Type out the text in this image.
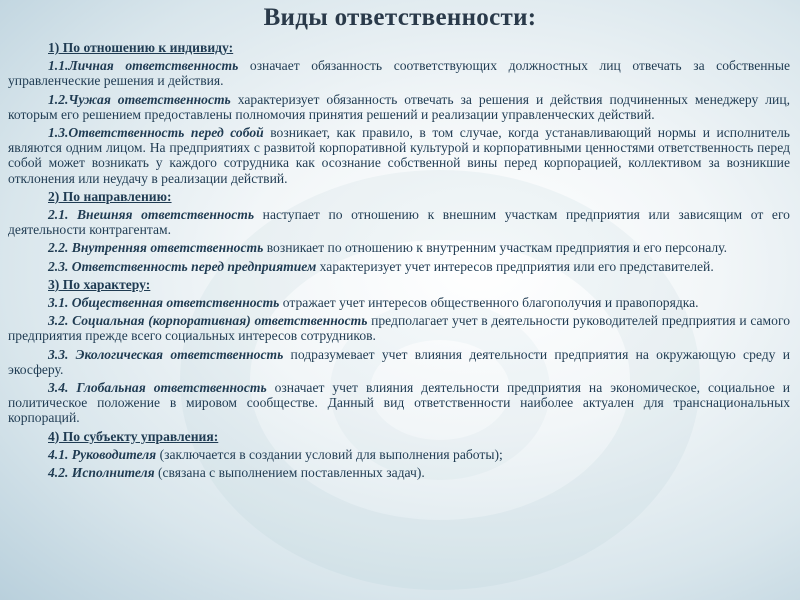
Виды ответственности:
1) По отношению к индивиду:
1.1.Личная ответственность означает обязанность соответствующих должностных лиц отвечать за собственные управленческие решения и действия.
1.2.Чужая ответственность характеризует обязанность отвечать за решения и действия подчиненных менеджеру лиц, которым его решением предоставлены полномочия принятия решений и реализации управленческих действий.
1.3.Ответственность перед собой возникает, как правило, в том случае, когда устанавливающий нормы и исполнитель являются одним лицом. На предприятиях с развитой корпоративной культурой и корпоративными ценностями ответственность перед собой может возникать у каждого сотрудника как осознание собственной вины перед корпорацией, коллективом за возникшие отклонения или неудачу в реализации действий.
2) По направлению:
2.1. Внешняя ответственность наступает по отношению к внешним участкам предприятия или зависящим от его деятельности контрагентам.
2.2. Внутренняя ответственность возникает по отношению к внутренним участкам предприятия и его персоналу.
2.3. Ответственность перед предприятием характеризует учет интересов предприятия или его представителей.
3) По характеру:
3.1. Общественная ответственность отражает учет интересов общественного благополучия и правопорядка.
3.2. Социальная (корпоративная) ответственность предполагает учет в деятельности руководителей предприятия и самого предприятия прежде всего социальных интересов сотрудников.
3.3. Экологическая ответственность подразумевает учет влияния деятельности предприятия на окружающую среду и экосферу.
3.4. Глобальная ответственность означает учет влияния деятельности предприятия на экономическое, социальное и политическое положение в мировом сообществе. Данный вид ответственности наиболее актуален для транснациональных корпораций.
4) По субъекту управления:
4.1. Руководителя (заключается в создании условий для выполнения работы);
4.2. Исполнителя (связана с выполнением поставленных задач).
